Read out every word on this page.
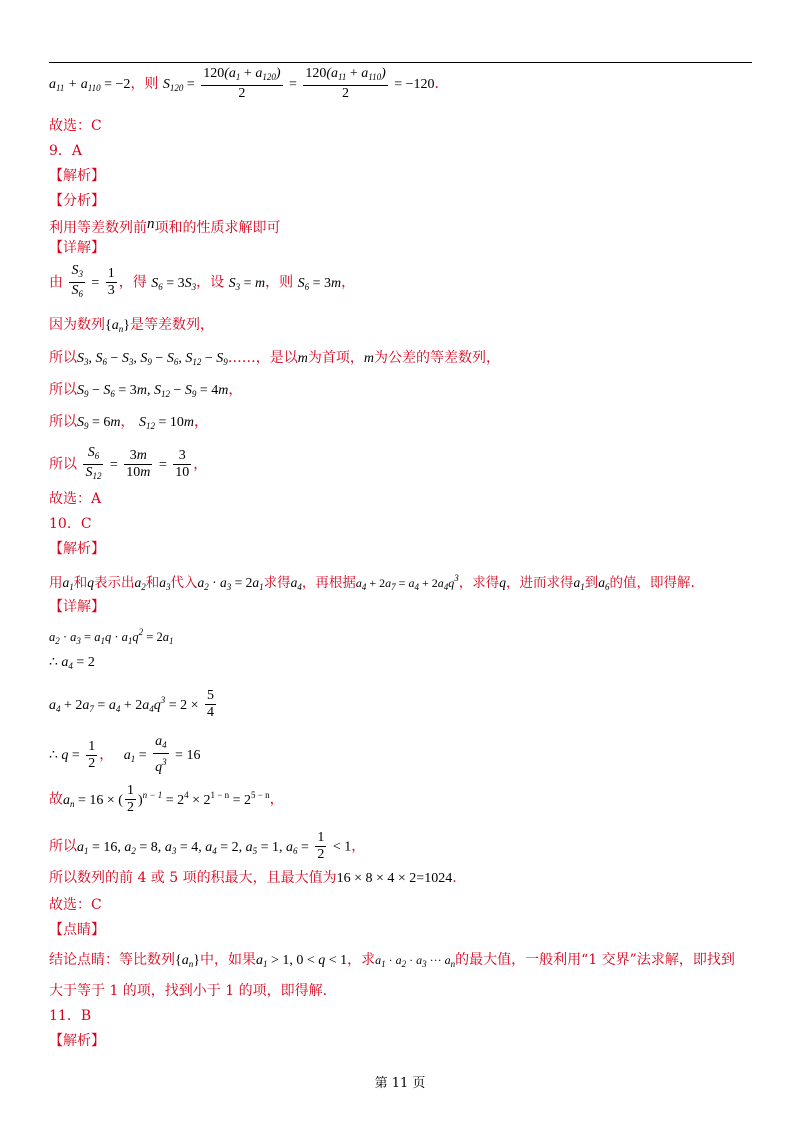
$a_{11} + a_{110} = -2$，则 $S_{120} = \frac{120(a_1 + a_{120})}{2} = \frac{120(a_{11} + a_{110})}{2} = -120$．
故选：C
9．A
【解析】
【分析】
利用等差数列前n项和的性质求解即可
【详解】
由 $\frac{S_3}{S_6} = \frac{1}{3}$ ，得 $S_6 = 3S_3$，设 $S_3 = m$，则 $S_6 = 3m$，
因为数列$\{a_n\}$是等差数列，
所以$S_3$, $S_6 - S_3$, $S_9 - S_6$, $S_{12}$ − $S_9\dots\dots$，是以m为首项，m为公差的等差数列，
所以$S_9 - S_6 = 3m$, $S_{12} - S_9 = 4m$，
所以$S_9 = 6m$， $S_{12} = 10m$，
所以 $\frac{S_6}{S_{12}} = \frac{3m}{10m} = \frac{3}{10}$ ，
故选：A
10．C
【解析】
用$a_1$和q表示出$a_2$和$a_3$代入$a_2 \cdot a_3 = 2a_1$求得$a_4$，再根据$a_4 + 2a_7 = a_4 + 2a_4q^3$，求得q，进而求得$a_1$到$a_6$的值，即得解.
【详解】
$a_2 \cdot a_3 = a_1q \cdot a_1q^2 = 2a_1$
∴ $a_4 = 2$
$a_4 + 2a_7 = a_4 + 2a_4q^3 = 2 \times \frac{5}{4}$
∴ $q = \frac{1}{2}$ ， $a_1 = \frac{a_4}{q^3} = 16$
故$a_n = 16$ × ( $\frac{1}{2} )^{n - 1} = 2^4 \times 2^{1 - n} = 2^{5 - n}$，
所以$a_1 = 16$, $a_2 = 8$, $a_3 = 4$, $a_4 = 2$, $a_5 = 1$, $a_6 = \frac{1}{2} < 1$，
所以数列的前 4 或 5 项的积最大，且最大值为16 × 8 × 4 × 2=1024.
故选：C
【点睛】
结论点睛：等比数列$\{a_n\}$中，如果$a_1 > 1$, 0 < q < 1，求$a_1 \cdot a_2 \cdot a_3$ ··· $a_n$的最大值，一般利用“1 交界”法求解，即找到
大于等于 1 的项，找到小于 1 的项，即得解.
11．B
【解析】
第 11 页
